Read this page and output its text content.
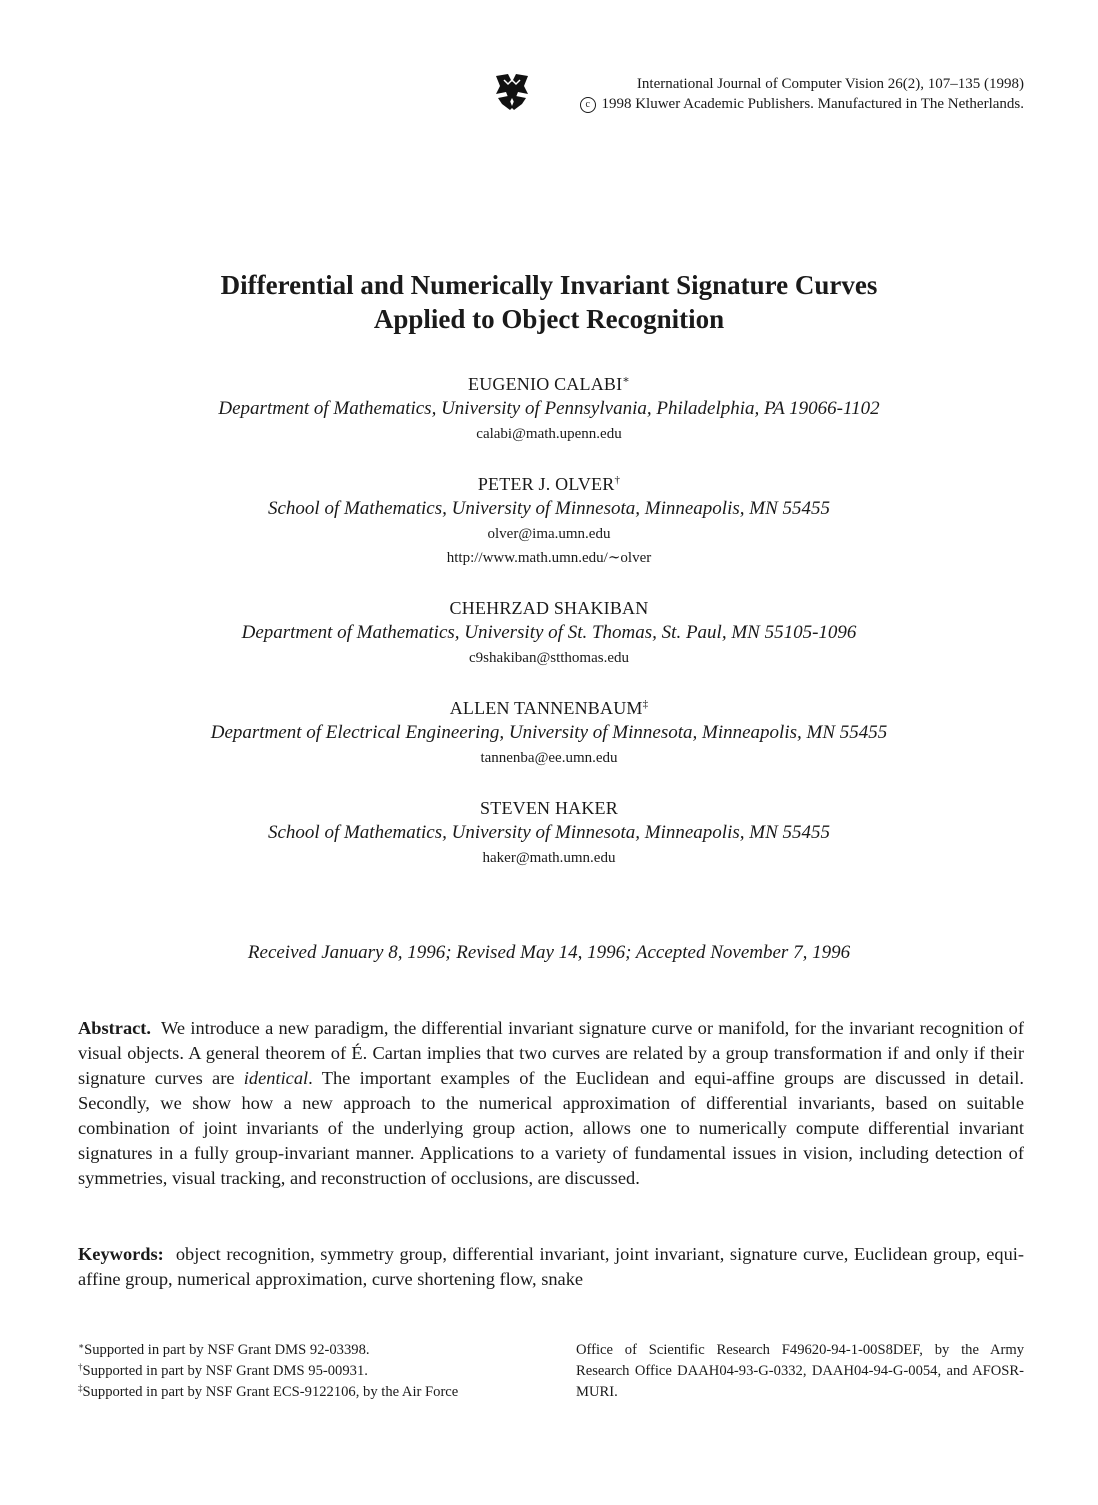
International Journal of Computer Vision 26(2), 107–135 (1998)
c 1998 Kluwer Academic Publishers. Manufactured in The Netherlands.
Differential and Numerically Invariant Signature Curves
Applied to Object Recognition
EUGENIO CALABI∗
Department of Mathematics, University of Pennsylvania, Philadelphia, PA 19066-1102
calabi@math.upenn.edu
PETER J. OLVER†
School of Mathematics, University of Minnesota, Minneapolis, MN 55455
olver@ima.umn.edu
http://www.math.umn.edu/∼olver
CHEHRZAD SHAKIBAN
Department of Mathematics, University of St. Thomas, St. Paul, MN 55105-1096
c9shakiban@stthomas.edu
ALLEN TANNENBAUM‡
Department of Electrical Engineering, University of Minnesota, Minneapolis, MN 55455
tannenba@ee.umn.edu
STEVEN HAKER
School of Mathematics, University of Minnesota, Minneapolis, MN 55455
haker@math.umn.edu
Received January 8, 1996; Revised May 14, 1996; Accepted November 7, 1996
Abstract. We introduce a new paradigm, the differential invariant signature curve or manifold, for the invariant recognition of visual objects. A general theorem of É. Cartan implies that two curves are related by a group transformation if and only if their signature curves are identical. The important examples of the Euclidean and equi-affine groups are discussed in detail. Secondly, we show how a new approach to the numerical approximation of differential invariants, based on suitable combination of joint invariants of the underlying group action, allows one to numerically compute differential invariant signatures in a fully group-invariant manner. Applications to a variety of fundamental issues in vision, including detection of symmetries, visual tracking, and reconstruction of occlusions, are discussed.
Keywords: object recognition, symmetry group, differential invariant, joint invariant, signature curve, Euclidean group, equi-affine group, numerical approximation, curve shortening flow, snake
∗Supported in part by NSF Grant DMS 92-03398.
†Supported in part by NSF Grant DMS 95-00931.
‡Supported in part by NSF Grant ECS-9122106, by the Air Force
Office of Scientific Research F49620-94-1-00S8DEF, by the Army Research Office DAAH04-93-G-0332, DAAH04-94-G-0054, and AFOSR-MURI.
